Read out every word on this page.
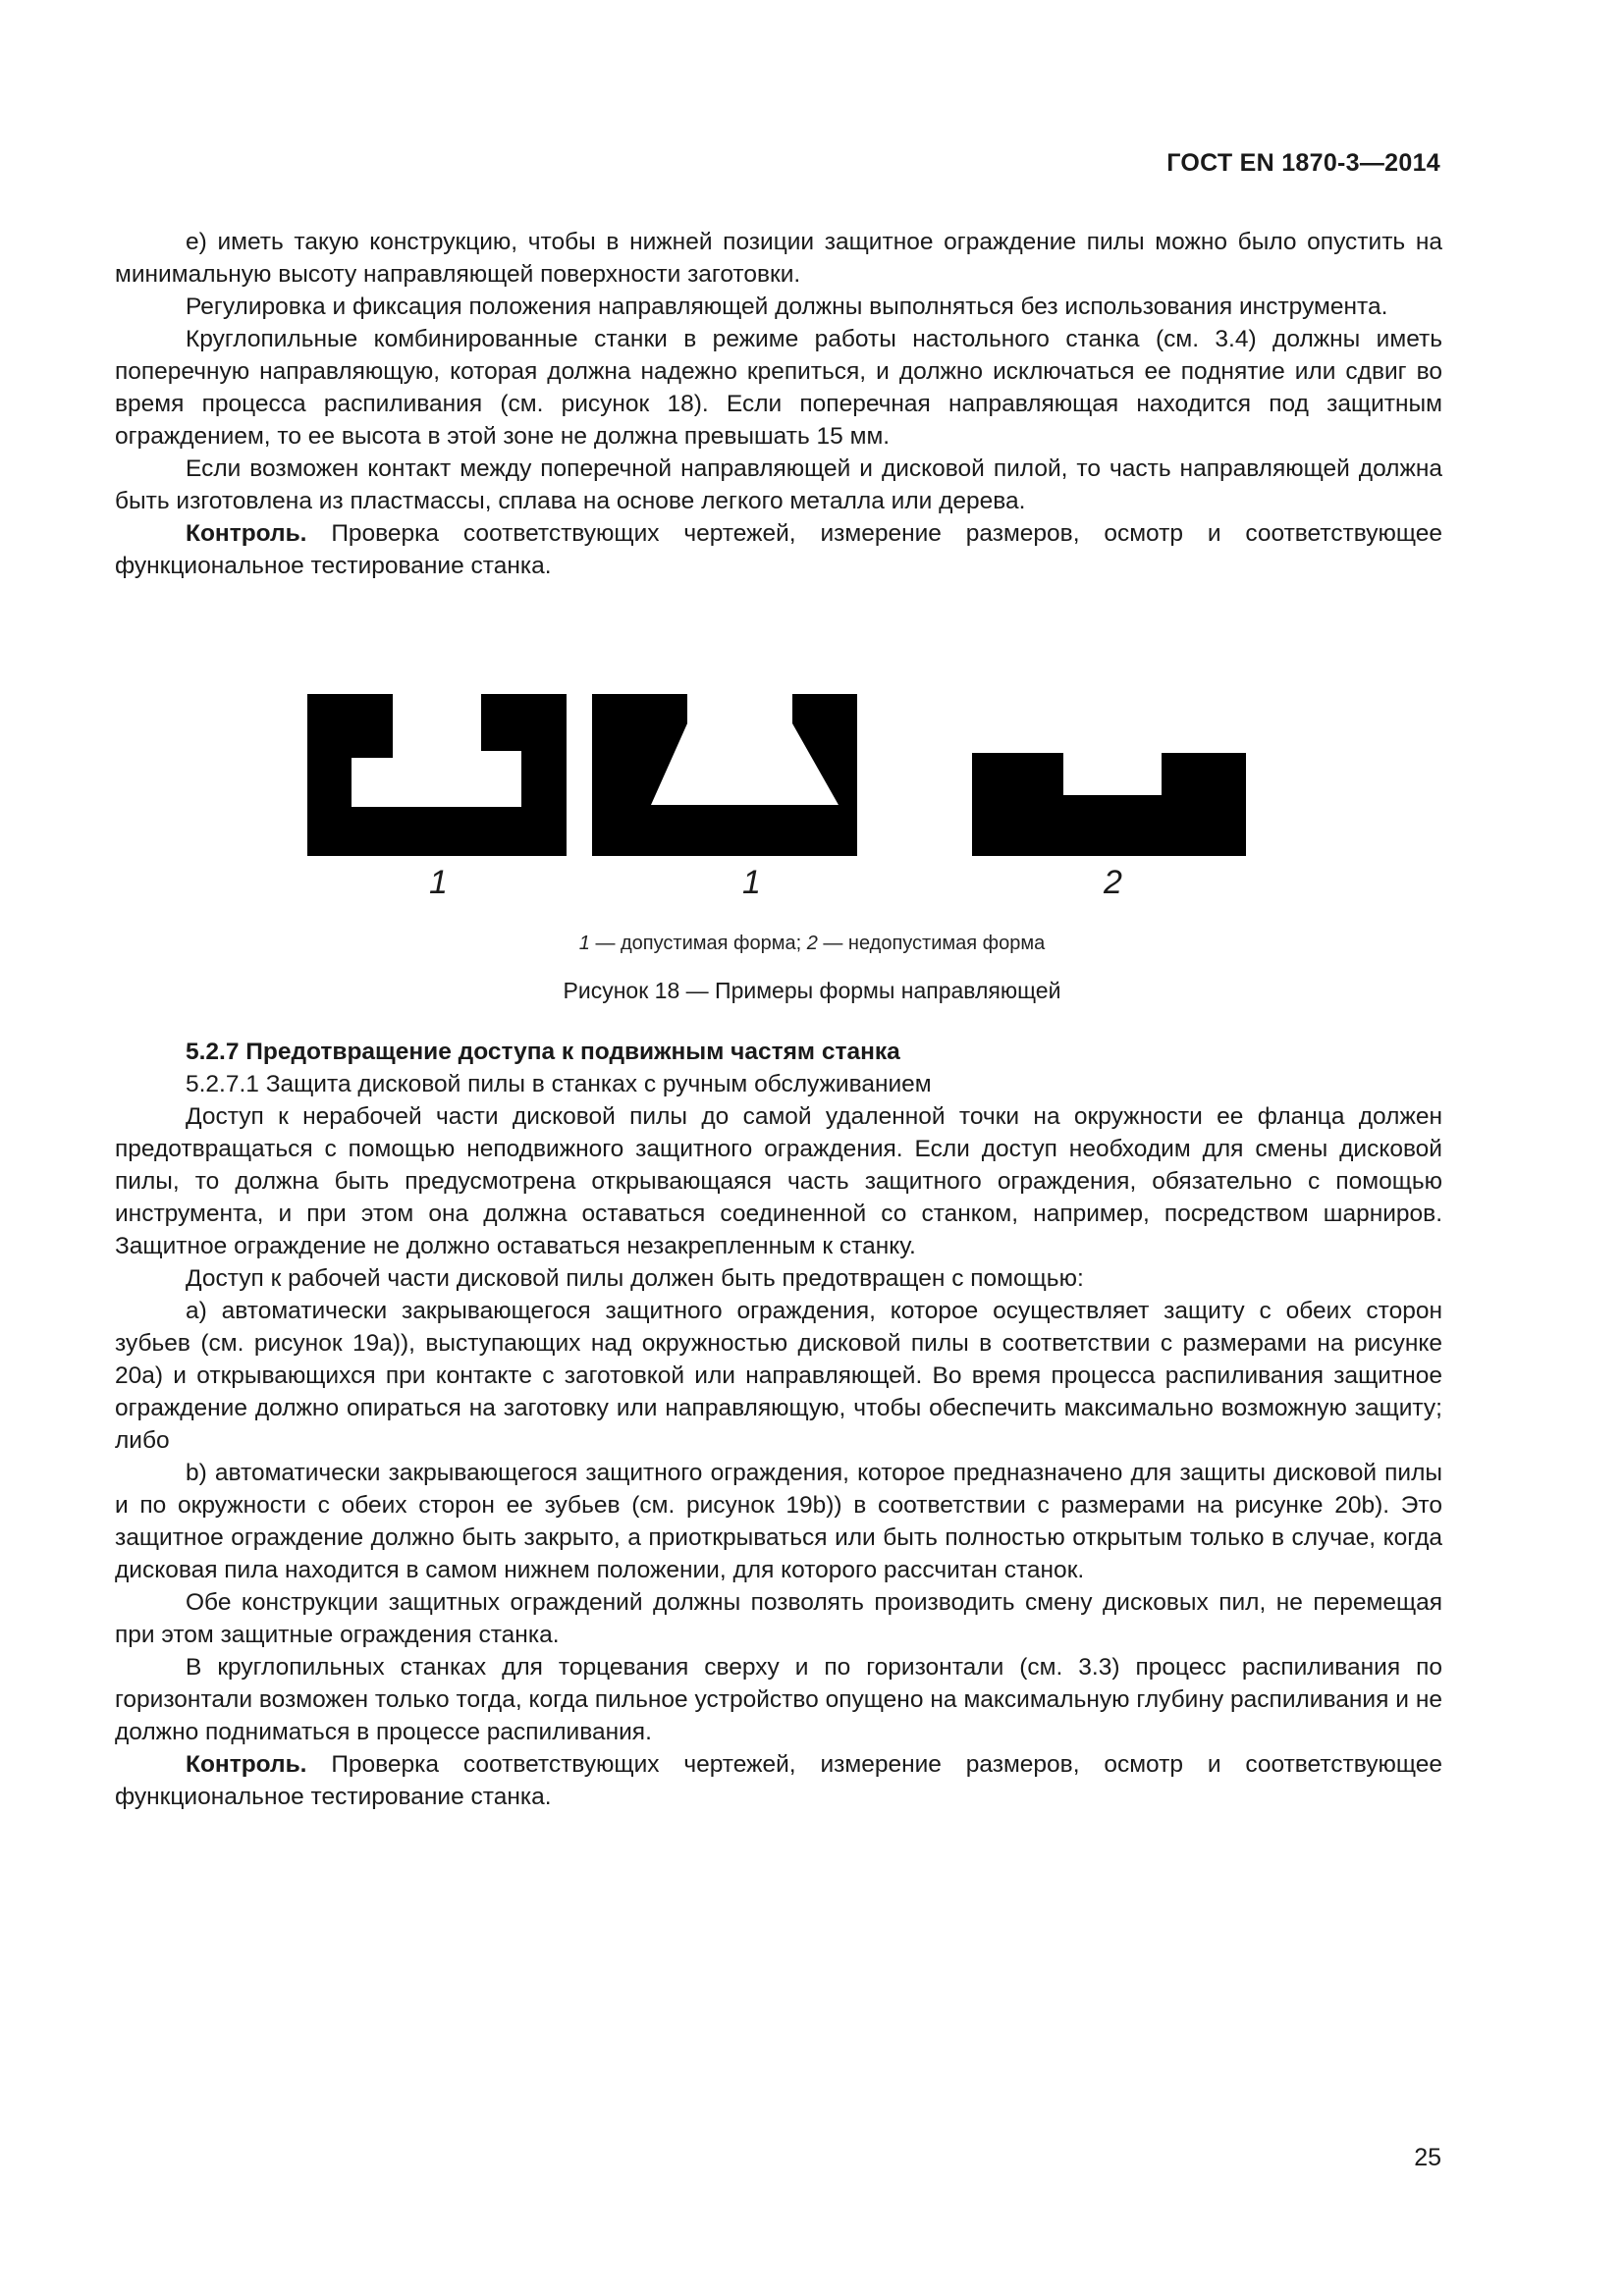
ГОСТ EN 1870-3—2014

е) иметь такую конструкцию, чтобы в нижней позиции защитное ограждение пилы можно было опустить на минимальную высоту направляющей поверхности заготовки.

Регулировка и фиксация положения направляющей должны выполняться без использования инструмента.

Круглопильные комбинированные станки в режиме работы настольного станка (см. 3.4) должны иметь поперечную направляющую, которая должна надежно крепиться, и должно исключаться ее поднятие или сдвиг во время процесса распиливания (см. рисунок 18). Если поперечная направляющая находится под защитным ограждением, то ее высота в этой зоне не должна превышать 15 мм.

Если возможен контакт между поперечной направляющей и дисковой пилой, то часть направляющей должна быть изготовлена из пластмассы, сплава на основе легкого металла или дерева.

Контроль. Проверка соответствующих чертежей, измерение размеров, осмотр и соответствующее функциональное тестирование станка.

1	1	2
1 — допустимая форма; 2 — недопустимая форма
Рисунок 18 — Примеры формы направляющей

5.2.7 Предотвращение доступа к подвижным частям станка

5.2.7.1 Защита дисковой пилы в станках с ручным обслуживанием

Доступ к нерабочей части дисковой пилы до самой удаленной точки на окружности ее фланца должен предотвращаться с помощью неподвижного защитного ограждения. Если доступ необходим для смены дисковой пилы, то должна быть предусмотрена открывающаяся часть защитного ограждения, обязательно с помощью инструмента, и при этом она должна оставаться соединенной со станком, например, посредством шарниров. Защитное ограждение не должно оставаться незакрепленным к станку.

Доступ к рабочей части дисковой пилы должен быть предотвращен с помощью:

а) автоматически закрывающегося защитного ограждения, которое осуществляет защиту с обеих сторон зубьев (см. рисунок 19а)), выступающих над окружностью дисковой пилы в соответствии с размерами на рисунке 20а) и открывающихся при контакте с заготовкой или направляющей. Во время процесса распиливания защитное ограждение должно опираться на заготовку или направляющую, чтобы обеспечить максимально возможную защиту; либо

b) автоматически закрывающегося защитного ограждения, которое предназначено для защиты дисковой пилы и по окружности с обеих сторон ее зубьев (см. рисунок 19b)) в соответствии с размерами на рисунке 20b). Это защитное ограждение должно быть закрыто, а приоткрываться или быть полностью открытым только в случае, когда дисковая пила находится в самом нижнем положении, для которого рассчитан станок.

Обе конструкции защитных ограждений должны позволять производить смену дисковых пил, не перемещая при этом защитные ограждения станка.

В круглопильных станках для торцевания сверху и по горизонтали (см. 3.3) процесс распиливания по горизонтали возможен только тогда, когда пильное устройство опущено на максимальную глубину распиливания и не должно подниматься в процессе распиливания.

Контроль. Проверка соответствующих чертежей, измерение размеров, осмотр и соответствующее функциональное тестирование станка.

25
